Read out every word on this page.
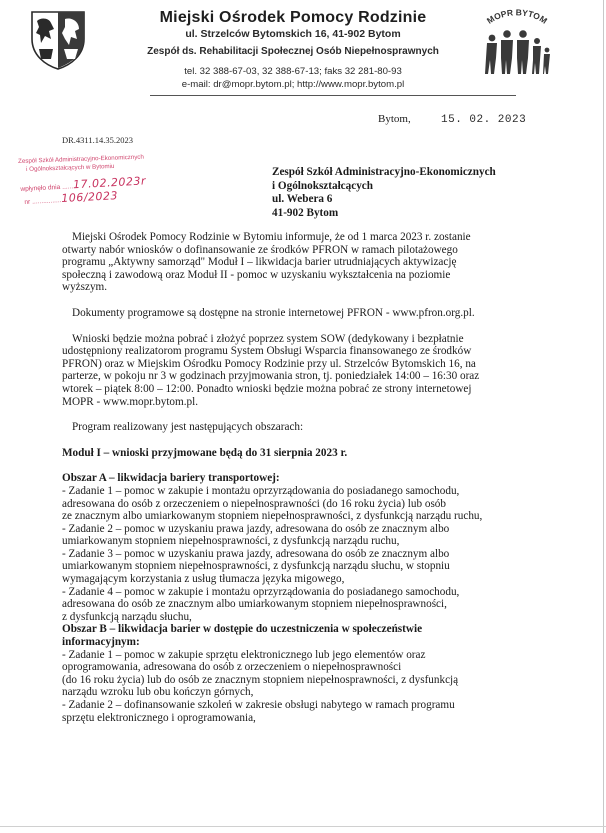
Miejski Ośrodek Pomocy Rodzinie
ul. Strzelców Bytomskich 16, 41-902 Bytom
Zespół ds. Rehabilitacji Społecznej Osób Niepełnosprawnych
tel. 32 388-67-03, 32 388-67-13; faks 32 281-80-93
e-mail: dr@mopr.bytom.pl; http://www.mopr.bytom.pl
MOPR BYTOM
Bytom,	15. 02. 2023
DR.4311.14.35.2023
Zespół Szkół Administracyjno-Ekonomicznych
i Ogólnokształcących w Bytomiu
wpłynęło dnia ......17.02.2023r
nr ................106/2023
Zespół Szkół Administracyjno-Ekonomicznych
i Ogólnokształcących
ul. Webera 6
41-902 Bytom

Miejski Ośrodek Pomocy Rodzinie w Bytomiu informuje, że od 1 marca 2023 r. zostanie

otwarty nabór wniosków o dofinansowanie ze środków PFRON w ramach pilotażowego

programu „Aktywny samorząd" Moduł I – likwidacja barier utrudniających aktywizację

społeczną i zawodową oraz Moduł II - pomoc w uzyskaniu wykształcenia na poziomie

wyższym.

Dokumenty programowe są dostępne na stronie internetowej PFRON - www.pfron.org.pl.

Wnioski będzie można pobrać i złożyć poprzez system SOW (dedykowany i bezpłatnie

udostępniony realizatorom programu System Obsługi Wsparcia finansowanego ze środków

PFRON) oraz w Miejskim Ośrodku Pomocy Rodzinie przy ul. Strzelców Bytomskich 16, na

parterze, w pokoju nr 3 w godzinach przyjmowania stron, tj. poniedziałek 14:00 – 16:30 oraz

wtorek – piątek 8:00 – 12:00. Ponadto wnioski będzie można pobrać ze strony internetowej

MOPR - www.mopr.bytom.pl.

Program realizowany jest następujących obszarach:

Moduł I – wnioski przyjmowane będą do 31 sierpnia 2023 r.

Obszar A – likwidacja bariery transportowej:

- Zadanie 1 – pomoc w zakupie i montażu oprzyrządowania do posiadanego samochodu,

adresowana do osób z orzeczeniem o niepełnosprawności (do 16 roku życia) lub osób

ze znacznym albo umiarkowanym stopniem niepełnosprawności, z dysfunkcją narządu ruchu,

- Zadanie 2 – pomoc w uzyskaniu prawa jazdy, adresowana do osób ze znacznym albo

umiarkowanym stopniem niepełnosprawności, z dysfunkcją narządu ruchu,

- Zadanie 3 – pomoc w uzyskaniu prawa jazdy, adresowana do osób ze znacznym albo

umiarkowanym stopniem niepełnosprawności, z dysfunkcją narządu słuchu, w stopniu

wymagającym korzystania z usług tłumacza języka migowego,

- Zadanie 4 – pomoc w zakupie i montażu oprzyrządowania do posiadanego samochodu,

adresowana do osób ze znacznym albo umiarkowanym stopniem niepełnosprawności,

z dysfunkcją narządu słuchu,

Obszar B – likwidacja barier w dostępie do uczestniczenia w społeczeństwie

informacyjnym:

- Zadanie 1 – pomoc w zakupie sprzętu elektronicznego lub jego elementów oraz

oprogramowania, adresowana do osób z orzeczeniem o niepełnosprawności

(do 16 roku życia) lub do osób ze znacznym stopniem niepełnosprawności, z dysfunkcją

narządu wzroku lub obu kończyn górnych,

- Zadanie 2 – dofinansowanie szkoleń w zakresie obsługi nabytego w ramach programu

sprzętu elektronicznego i oprogramowania,
